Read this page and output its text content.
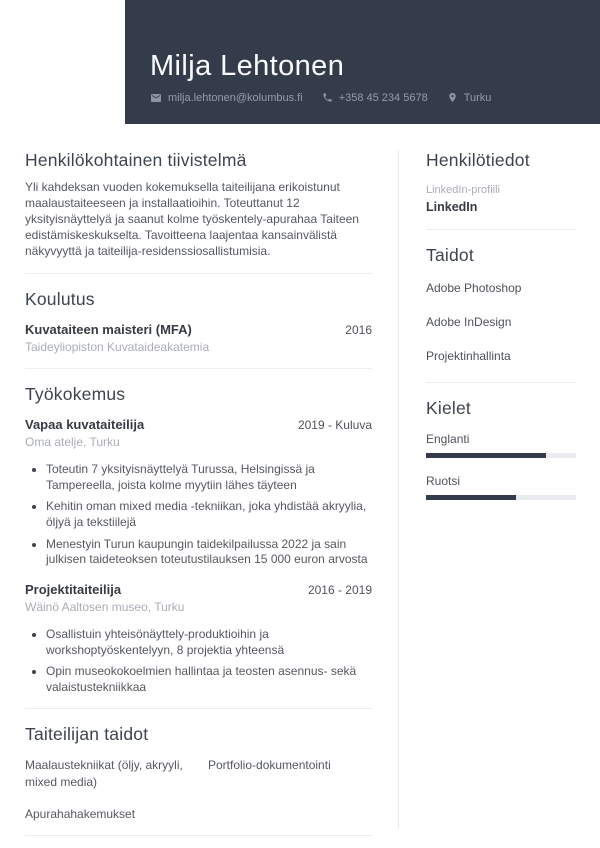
Milja Lehtonen
milja.lehtonen@kolumbus.fi	+358 45 234 5678	Turku
Henkilökohtainen tiivistelmä

Yli kahdeksan vuoden kokemuksella taiteilijana erikoistunut maalaustaiteeseen ja installaatioihin. Toteuttanut 12 yksityisnäyttelyä ja saanut kolme työskentely-apurahaa Taiteen edistämiskeskukselta. Tavoitteena laajentaa kansainvälistä näkyvyyttä ja taiteilija-residenssiosallistumisia.

Koulutus
Kuvataiteen maisteri (MFA)	2016
Taideyliopiston Kuvataideakatemia
Työkokemus
Vapaa kuvataiteilija	2019 - Kuluva
Oma atelje, Turku
• Toteutin 7 yksityisnäyttelyä Turussa, Helsingissä ja Tampereella, joista kolme myytiin lähes täyteen
• Kehitin oman mixed media -tekniikan, joka yhdistää akryylia, öljyä ja tekstiilejä
• Menestyin Turun kaupungin taidekilpailussa 2022 ja sain julkisen taideteoksen toteutustilauksen 15 000 euron arvosta
Projektitaiteilija	2016 - 2019
Wäinö Aaltosen museo, Turku
• Osallistuin yhteisönäyttely-produktioihin ja workshoptyöskentelyyn, 8 projektia yhteensä
• Opin museokokoelmien hallintaa ja teosten asennus- sekä valaistustekniikkaa
Taiteilijan taidot
Maalaustekniikat (öljy, akryyli, mixed media)
Portfolio-dokumentointi
Apurahahakemukset
Henkilötiedot
LinkedIn-profiili
LinkedIn
Taidot
Adobe Photoshop
Adobe InDesign
Projektinhallinta
Kielet
Englanti
Ruotsi
